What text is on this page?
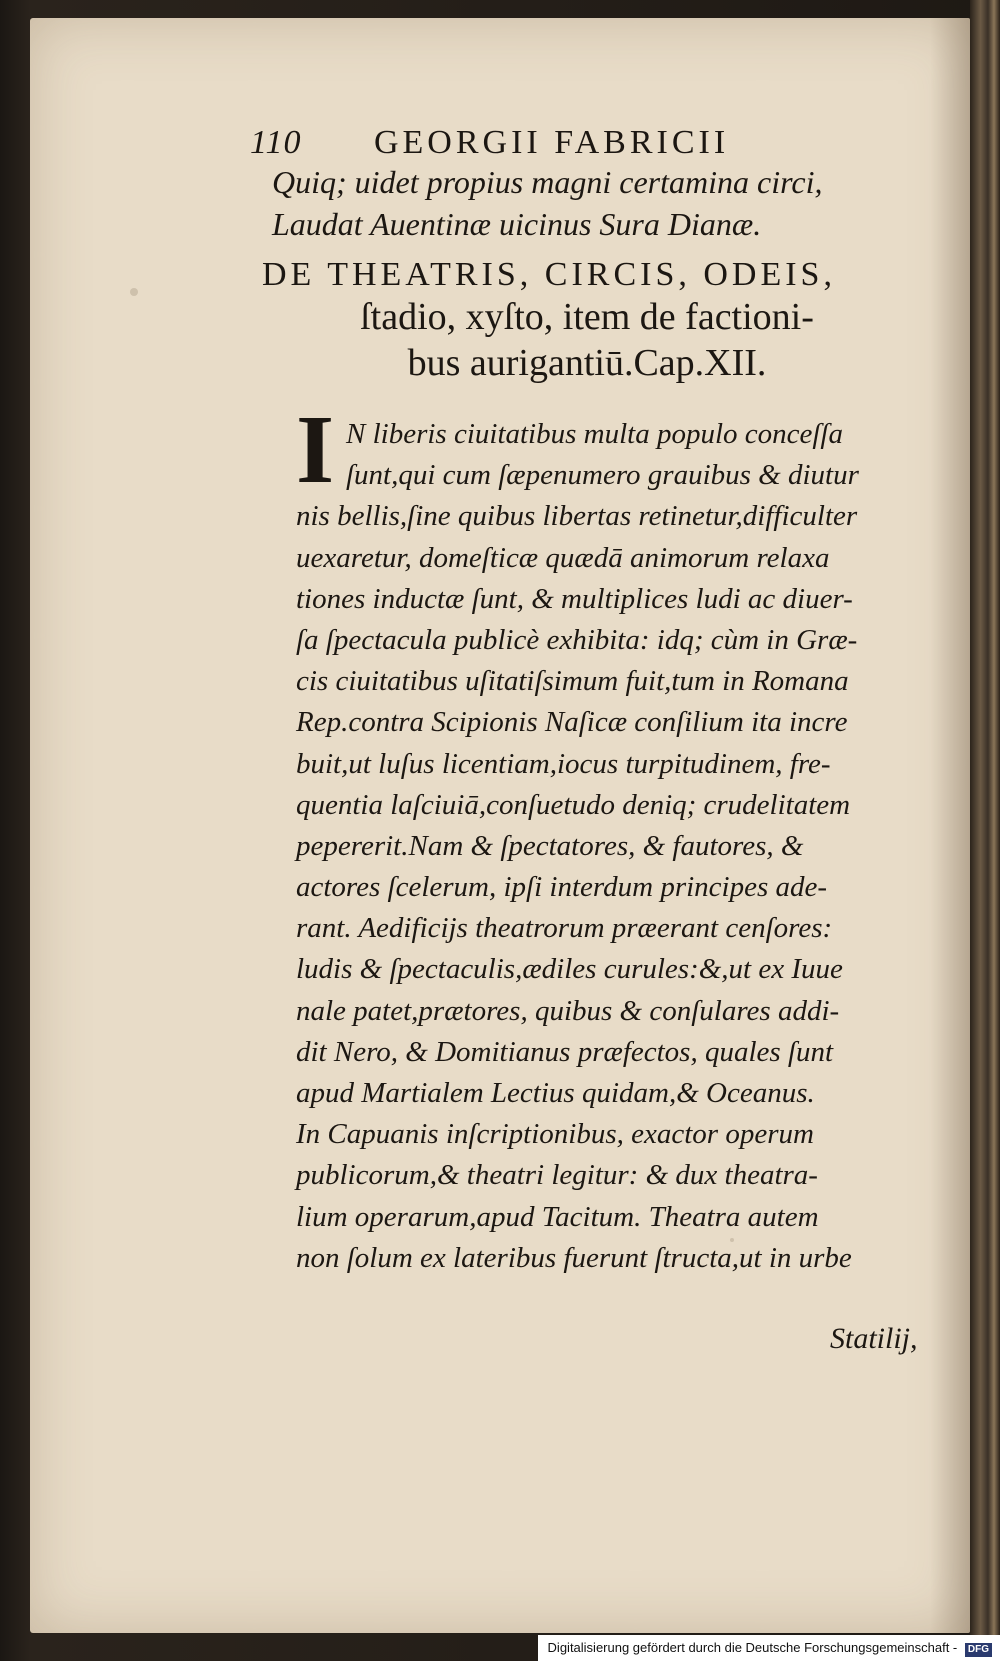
110 GEORGII FABRICII
Quiq; uidet propius magni certamina circi,
Laudat Auentinæ uicinus Sura Dianæ.
DE THEATRIS, CIRCIS, ODEIS,
ſtadio, xyſto, item de factioni-
bus aurigantiū.Cap.XII.
I N liberis ciuitatibus multa populo conceſſa
ſunt,qui cum ſæpenumero grauibus & diutur
nis bellis,ſine quibus libertas retinetur,difficulter
uexaretur, domeſticæ quædā animorum relaxa
tiones inductæ ſunt, & multiplices ludi ac diuer-
ſa ſpectacula publicè exhibita: idq; cùm in Græ-
cis ciuitatibus uſitatiſsimum fuit,tum in Romana
Rep.contra Scipionis Naſicæ conſilium ita incre
buit,ut luſus licentiam,iocus turpitudinem, fre-
quentia laſciuiā,conſuetudo deniq; crudelitatem
pepererit.Nam & ſpectatores, & fautores, &
actores ſcelerum, ipſi interdum principes ade-
rant. Aedificijs theatrorum præerant cenſores:
ludis & ſpectaculis,ædiles curules:&,ut ex Iuue
nale patet,prætores, quibus & conſulares addi-
dit Nero, & Domitianus præfectos, quales ſunt
apud Martialem Lectius quidam,& Oceanus.
In Capuanis inſcriptionibus, exactor operum
publicorum,& theatri legitur: & dux theatra-
lium operarum,apud Tacitum. Theatra autem
non ſolum ex lateribus fuerunt ſtructa,ut in urbe
Statilij,
Digitalisierung gefördert durch die Deutsche Forschungsgemeinschaft - DFG
